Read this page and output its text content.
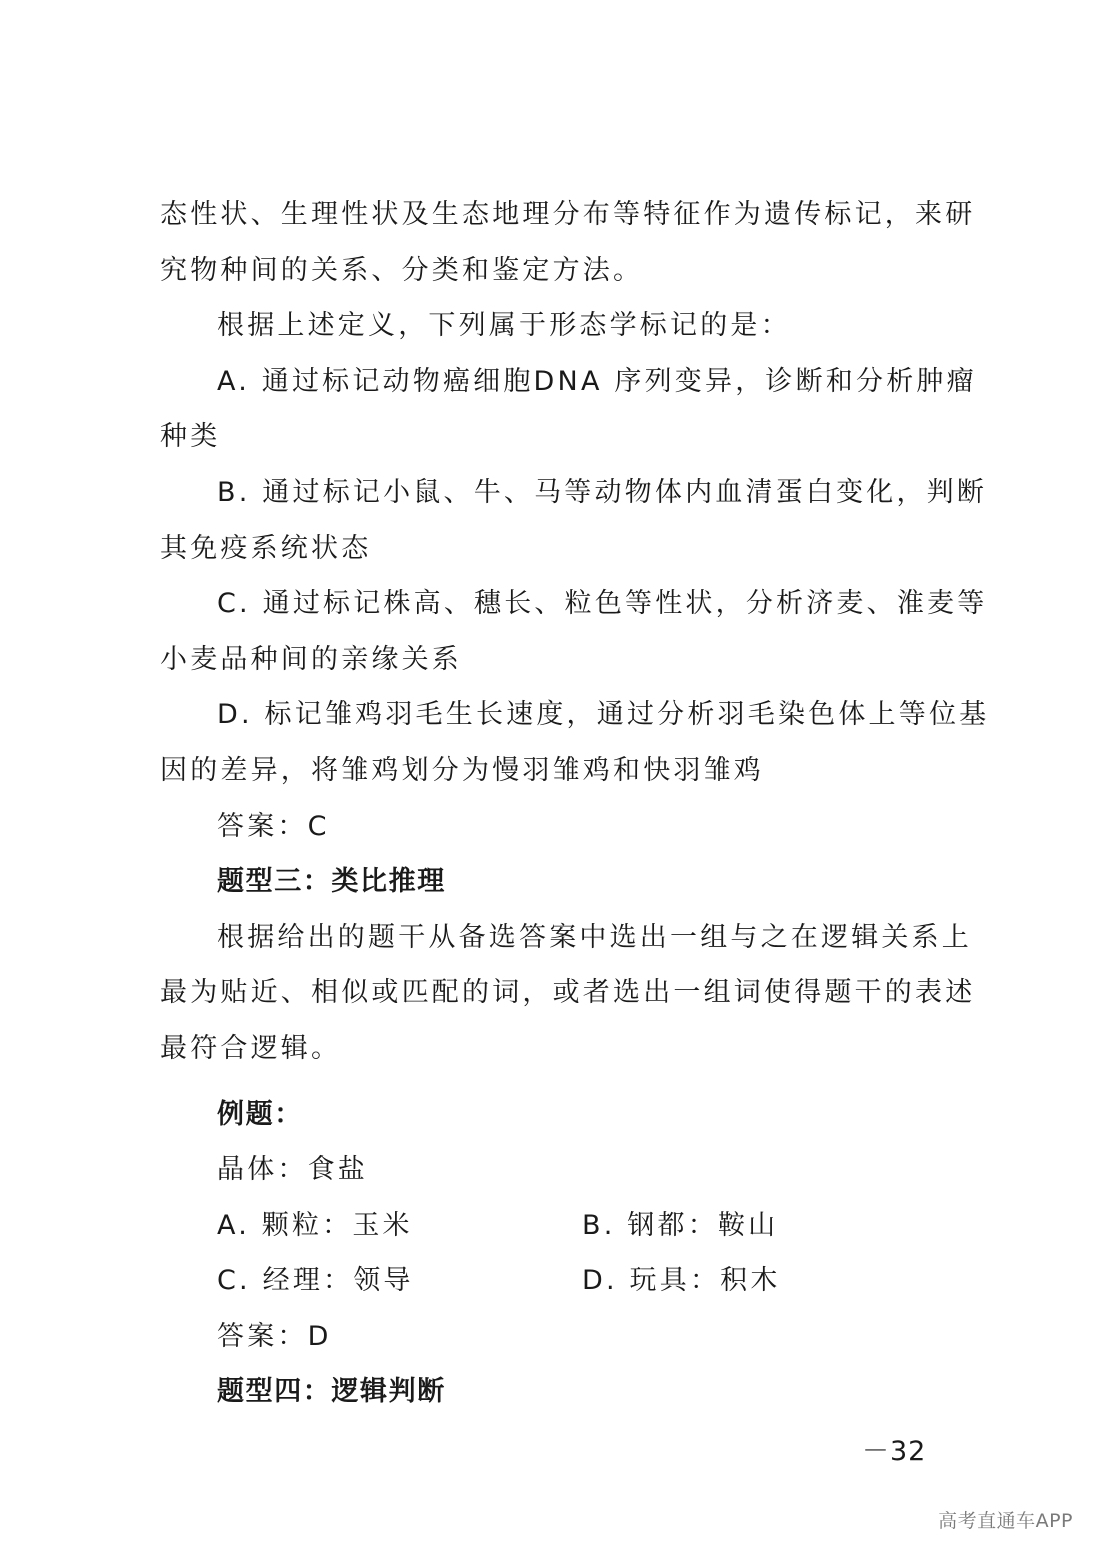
态性状、生理性状及生态地理分布等特征作为遗传标记，来研
究物种间的关系、分类和鉴定方法。
根据上述定义，下列属于形态学标记的是：
A. 通过标记动物癌细胞DNA 序列变异，诊断和分析肿瘤
种类
B. 通过标记小鼠、牛、马等动物体内血清蛋白变化，判断
其免疫系统状态
C. 通过标记株高、穗长、粒色等性状，分析济麦、淮麦等
小麦品种间的亲缘关系
D. 标记雏鸡羽毛生长速度，通过分析羽毛染色体上等位基
因的差异，将雏鸡划分为慢羽雏鸡和快羽雏鸡
答案：C
题型三：类比推理
根据给出的题干从备选答案中选出一组与之在逻辑关系上
最为贴近、相似或匹配的词，或者选出一组词使得题干的表述
最符合逻辑。
例题：
晶体：食盐
A. 颗粒：玉米	B. 钢都：鞍山
C. 经理：领导	D. 玩具：积木
答案：D
题型四：逻辑判断
－32
高考直通车APP
